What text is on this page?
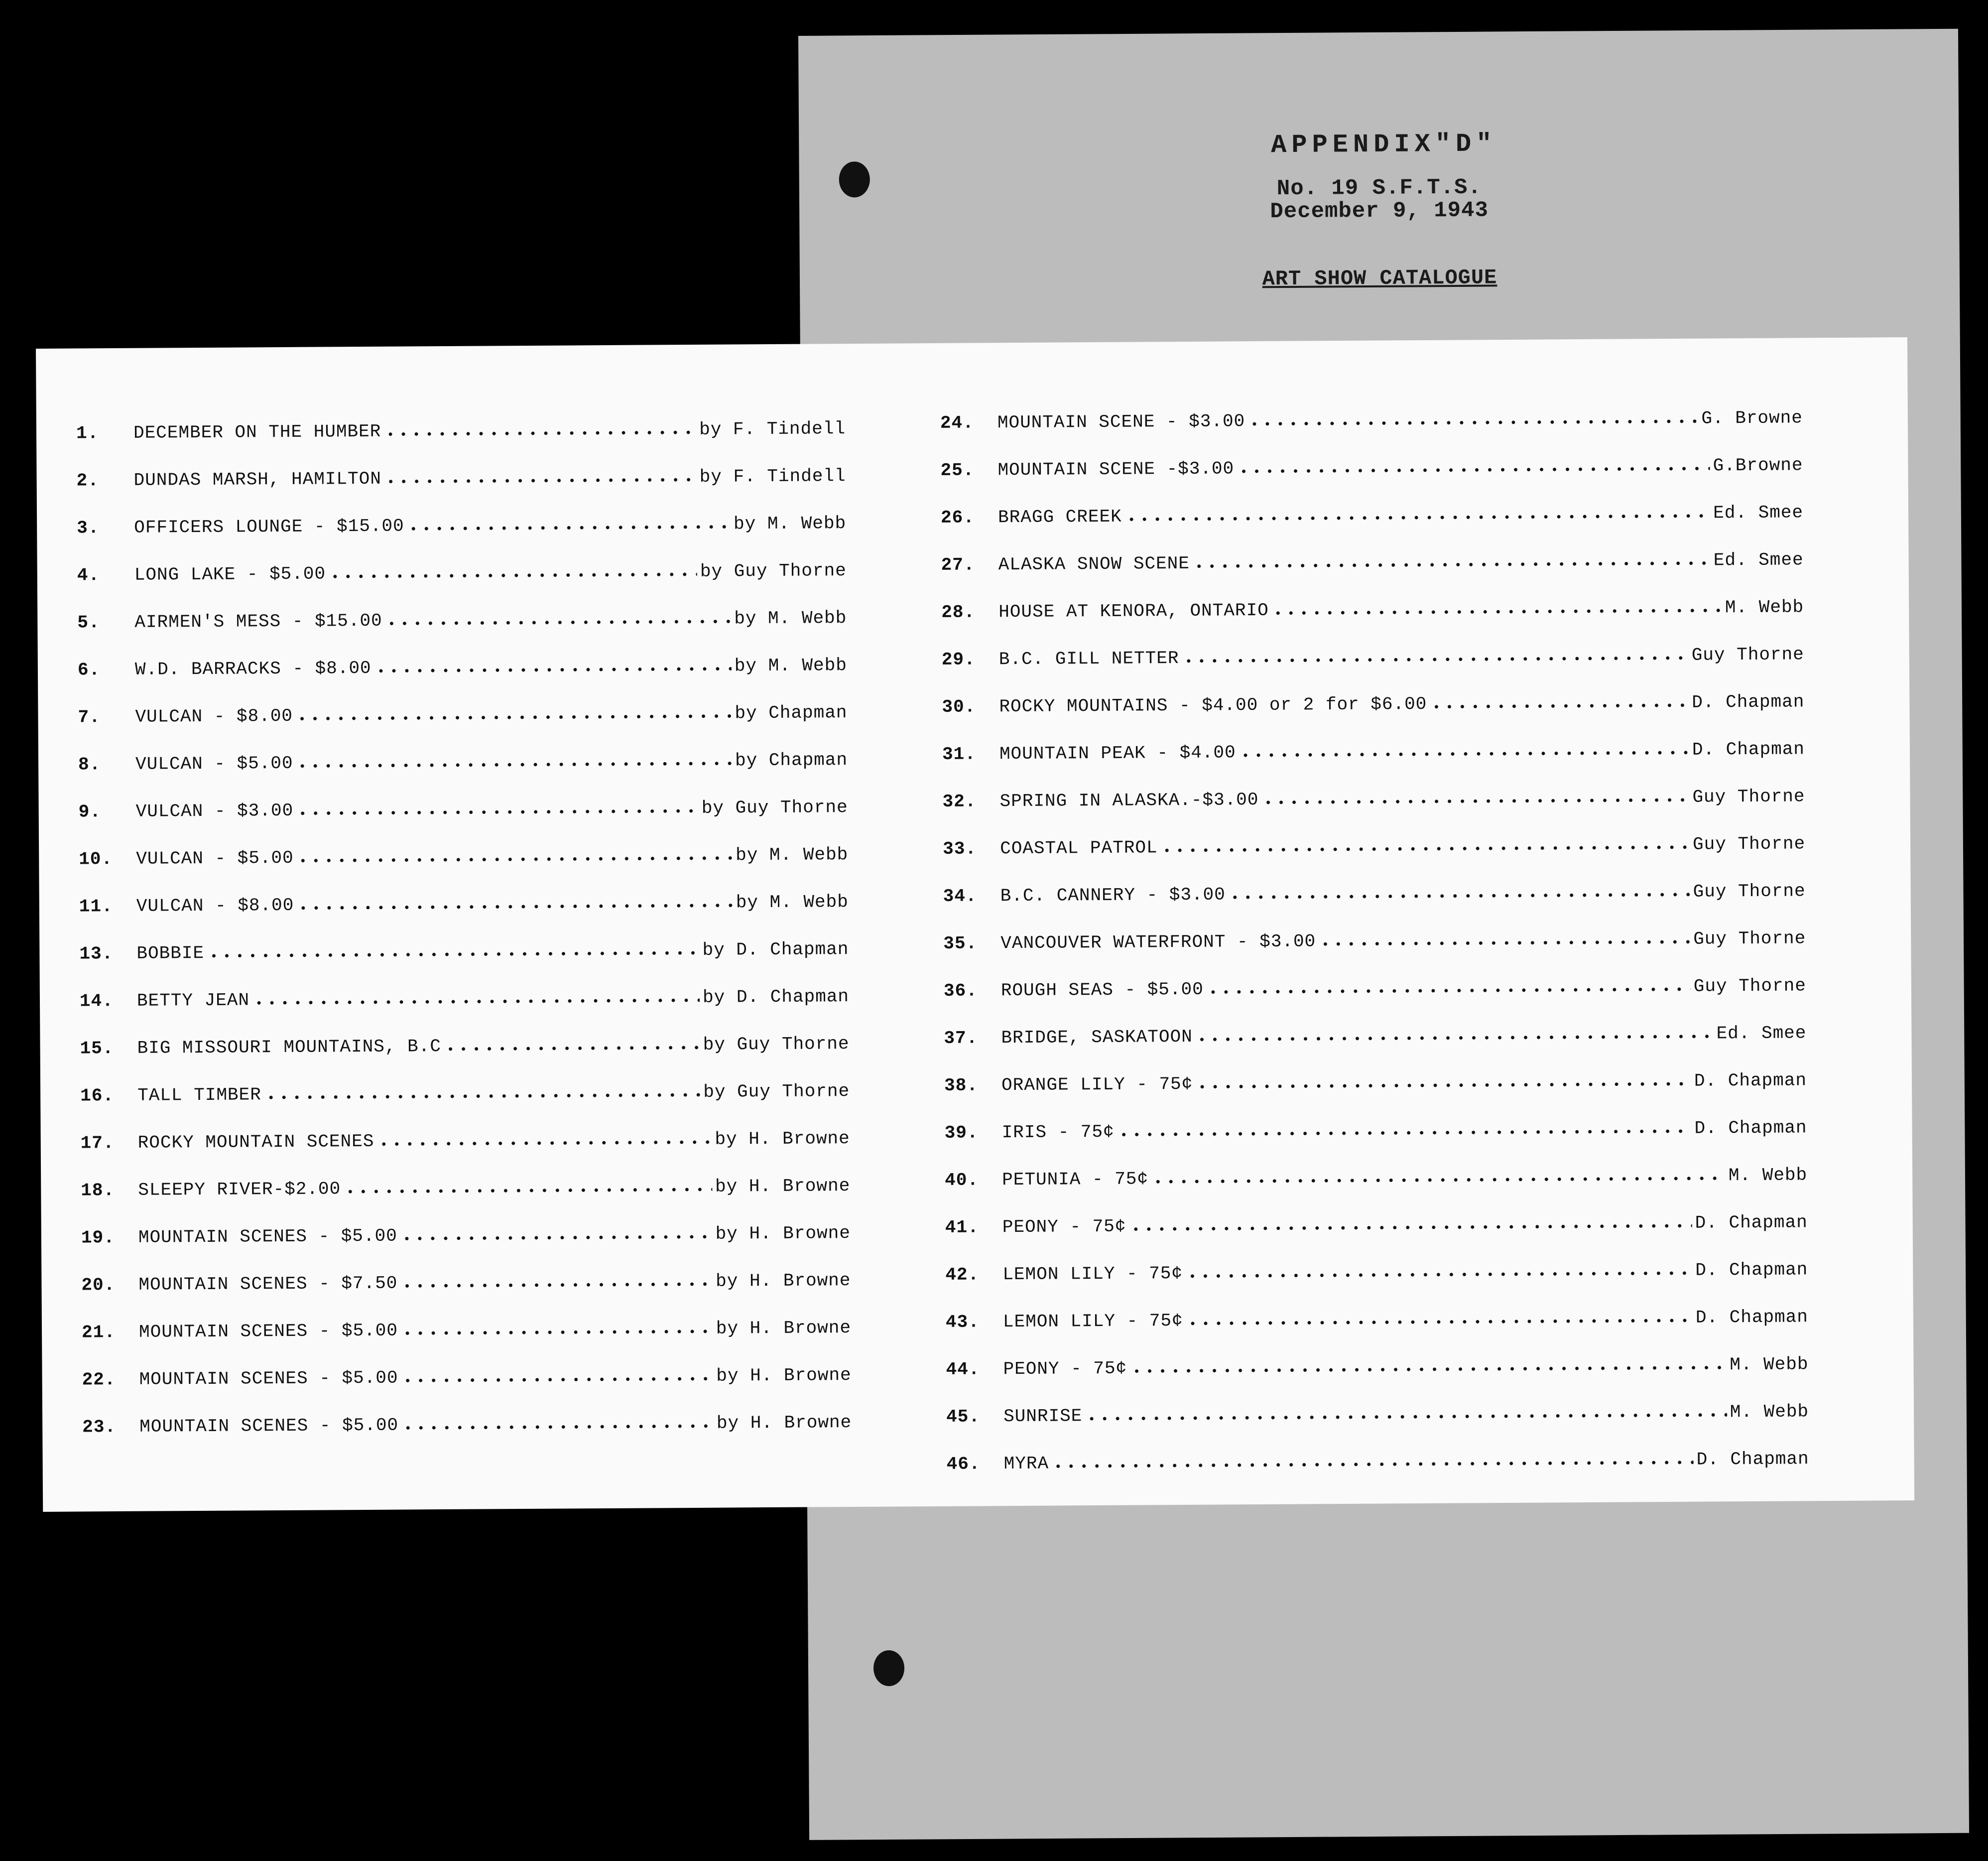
APPENDIX"D"
No. 19 S.F.T.S.
December 9, 1943
ART SHOW CATALOGUE
1.	DECEMBER ON THE HUMBER	by F. Tindell
2.	DUNDAS MARSH, HAMILTON	by F. Tindell
3.	OFFICERS LOUNGE - $15.00	by M. Webb
4.	LONG LAKE - $5.00	by Guy Thorne
5.	AIRMEN'S MESS - $15.00	by M. Webb
6.	W.D. BARRACKS - $8.00	by M. Webb
7.	VULCAN - $8.00	by Chapman
8.	VULCAN - $5.00	by Chapman
9.	VULCAN - $3.00	by Guy Thorne
10.	VULCAN - $5.00	by M. Webb
11.	VULCAN - $8.00	by M. Webb
13.	BOBBIE	by D. Chapman
14.	BETTY JEAN	by D. Chapman
15.	BIG MISSOURI MOUNTAINS, B.C	by Guy Thorne
16.	TALL TIMBER	by Guy Thorne
17.	ROCKY MOUNTAIN SCENES	by H. Browne
18.	SLEEPY RIVER-$2.00	by H. Browne
19.	MOUNTAIN SCENES - $5.00	by H. Browne
20.	MOUNTAIN SCENES - $7.50	by H. Browne
21.	MOUNTAIN SCENES - $5.00	by H. Browne
22.	MOUNTAIN SCENES - $5.00	by H. Browne
23.	MOUNTAIN SCENES - $5.00	by H. Browne
24.	MOUNTAIN SCENE - $3.00	G. Browne
25.	MOUNTAIN SCENE -$3.00	G.Browne
26.	BRAGG CREEK	Ed. Smee
27.	ALASKA SNOW SCENE	Ed. Smee
28.	HOUSE AT KENORA, ONTARIO	M. Webb
29.	B.C. GILL NETTER	Guy Thorne
30.	ROCKY MOUNTAINS - $4.00 or 2 for $6.00	D. Chapman
31.	MOUNTAIN PEAK - $4.00	D. Chapman
32.	SPRING IN ALASKA.-$3.00	Guy Thorne
33.	COASTAL PATROL	Guy Thorne
34.	B.C. CANNERY - $3.00	Guy Thorne
35.	VANCOUVER WATERFRONT - $3.00	Guy Thorne
36.	ROUGH SEAS - $5.00	Guy Thorne
37.	BRIDGE, SASKATOON	Ed. Smee
38.	ORANGE LILY - 75¢	D. Chapman
39.	IRIS - 75¢	D. Chapman
40.	PETUNIA - 75¢	M. Webb
41.	PEONY - 75¢	D. Chapman
42.	LEMON LILY - 75¢	D. Chapman
43.	LEMON LILY - 75¢	D. Chapman
44.	PEONY - 75¢	M. Webb
45.	SUNRISE	M. Webb
46.	MYRA	D. Chapman
